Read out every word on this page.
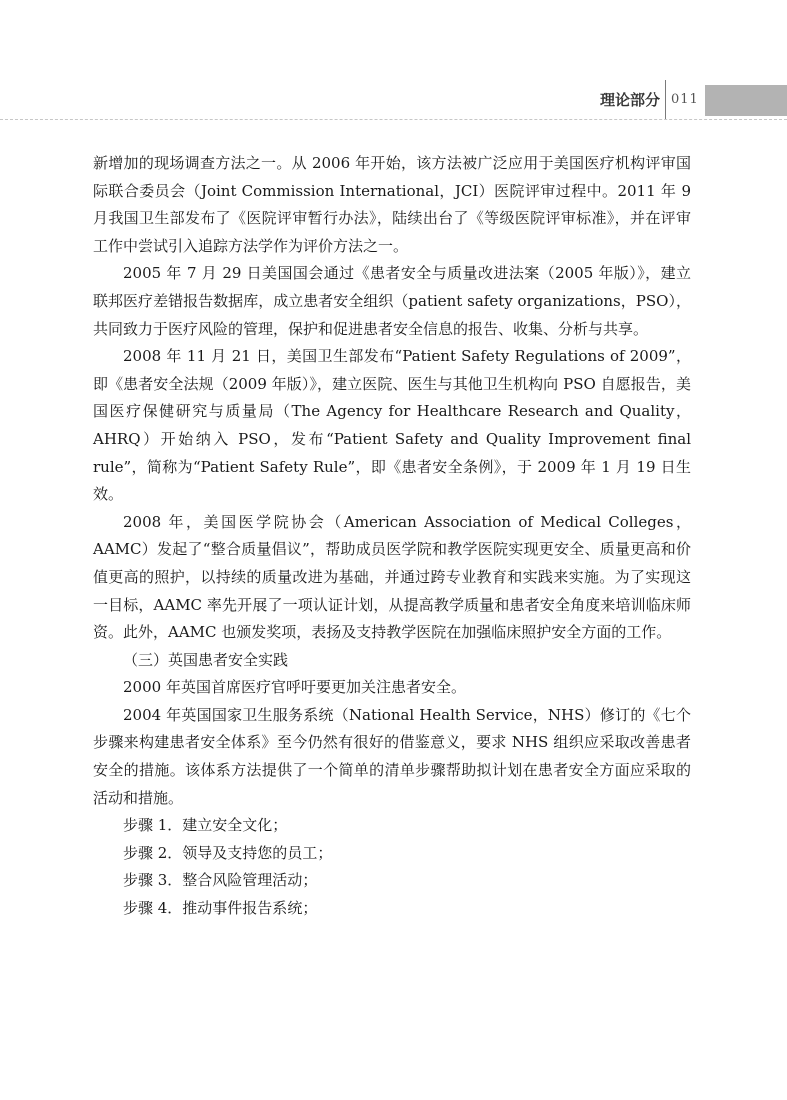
理论部分 011

新增加的现场调查方法之一。从 2006 年开始，该方法被广泛应用于美国医疗机构评审国际联合委员会（Joint Commission International，JCI）医院评审过程中。2011 年 9 月我国卫生部发布了《医院评审暂行办法》，陆续出台了《等级医院评审标准》，并在评审工作中尝试引入追踪方法学作为评价方法之一。

2005 年 7 月 29 日美国国会通过《患者安全与质量改进法案（2005 年版）》，建立联邦医疗差错报告数据库，成立患者安全组织（patient safety organizations，PSO），共同致力于医疗风险的管理，保护和促进患者安全信息的报告、收集、分析与共享。

2008 年 11 月 21 日，美国卫生部发布“Patient Safety Regulations of 2009”，即《患者安全法规（2009 年版）》，建立医院、医生与其他卫生机构向 PSO 自愿报告，美国医疗保健研究与质量局（The Agency for Healthcare Research and Quality，AHRQ）开始纳入 PSO，发布“Patient Safety and Quality Improvement final rule”，简称为“Patient Safety Rule”，即《患者安全条例》，于 2009 年 1 月 19 日生效。

2008 年，美国医学院协会（American Association of Medical Colleges，AAMC）发起了“整合质量倡议”，帮助成员医学院和教学医院实现更安全、质量更高和价值更高的照护，以持续的质量改进为基础，并通过跨专业教育和实践来实施。为了实现这一目标，AAMC 率先开展了一项认证计划，从提高教学质量和患者安全角度来培训临床师资。此外，AAMC 也颁发奖项，表扬及支持教学医院在加强临床照护安全方面的工作。

（三）英国患者安全实践

2000 年英国首席医疗官呼吁要更加关注患者安全。

2004 年英国国家卫生服务系统（National Health Service，NHS）修订的《七个步骤来构建患者安全体系》至今仍然有很好的借鉴意义，要求 NHS 组织应采取改善患者安全的措施。该体系方法提供了一个简单的清单步骤帮助拟计划在患者安全方面应采取的活动和措施。

步骤 1．建立安全文化；

步骤 2．领导及支持您的员工；

步骤 3．整合风险管理活动；

步骤 4．推动事件报告系统；
